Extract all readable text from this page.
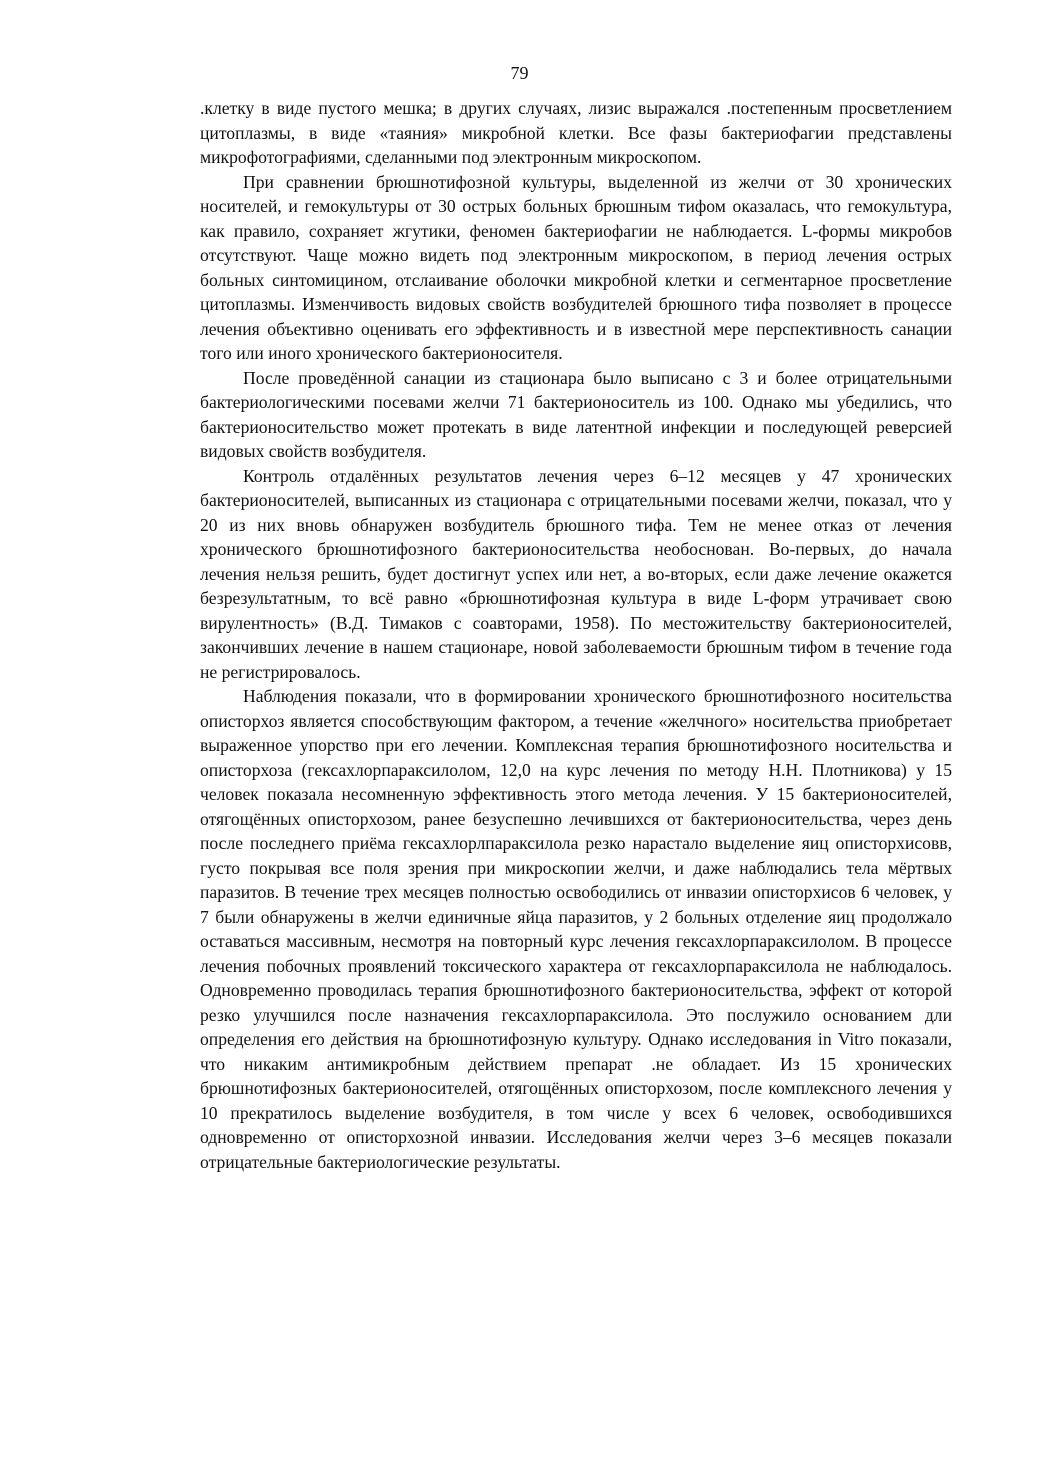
79

.клетку в виде пустого мешка; в других случаях, лизис выражался .постепенным просветлением цитоплазмы, в виде «таяния» микробной клетки. Все фазы бактериофагии представлены микрофотографиями, сделанными под электронным микроскопом.

При сравнении брюшнотифозной культуры, выделенной из желчи от 30 хронических носителей, и гемокультуры от 30 острых больных брюшным тифом оказалась, что гемокультура, как правило, сохраняет жгутики, феномен бактериофагии не наблюдается. L-формы микробов отсутствуют. Чаще можно видеть под электронным микроскопом, в период лечения острых больных синтомицином, отслаивание оболочки микробной клетки и сегментарное просветление цитоплазмы. Изменчивость видовых свойств возбудителей брюшного тифа позволяет в процессе лечения объективно оценивать его эффективность и в известной мере перспективность санации того или иного хронического бактерионосителя.

После проведённой санации из стационара было выписано с 3 и более отрицательными бактериологическими посевами желчи 71 бактерионоситель из 100. Однако мы убедились, что бактерионосительство может протекать в виде латентной инфекции и последующей реверсией видовых свойств возбудителя.

Контроль отдалённых результатов лечения через 6–12 месяцев у 47 хронических бактерионосителей, выписанных из стационара с отрицательными посевами желчи, показал, что у 20 из них вновь обнаружен возбудитель брюшного тифа. Тем не менее отказ от лечения хронического брюшнотифозного бактерионосительства необоснован. Во-первых, до начала лечения нельзя решить, будет достигнут успех или нет, а во-вторых, если даже лечение окажется безрезультатным, то всё равно «брюшнотифозная культура в виде L-форм утрачивает свою вирулентность» (В.Д. Тимаков с соавторами, 1958). По местожительству бактерионосителей, закончивших лечение в нашем стационаре, новой заболеваемости брюшным тифом в течение года не регистрировалось.

Наблюдения показали, что в формировании хронического брюшнотифозного носительства описторхоз является способствующим фактором, а течение «желчного» носительства приобретает выраженное упорство при его лечении. Комплексная терапия брюшнотифозного носительства и описторхоза (гексахлорпараксилолом, 12,0 на курс лечения по методу Н.Н. Плотникова) у 15 человек показала несомненную эффективность этого метода лечения. У 15 бактерионосителей, отягощённых описторхозом, ранее безуспешно лечившихся от бактерионосительства, через день после последнего приёма гексахлорлпараксилола резко нарастало выделение яиц описторхисовв, густо покрывая все поля зрения при микроскопии желчи, и даже наблюдались тела мёртвых паразитов. В течение трех месяцев полностью освободились от инвазии описторхисов 6 человек, у 7 были обнаружены в желчи единичные яйца паразитов, у 2 больных отделение яиц продолжало оставаться массивным, несмотря на повторный курс лечения гексахлорпараксилолом. В процессе лечения побочных проявлений токсического характера от гексахлорпараксилола не наблюдалось. Одновременно проводилась терапия брюшнотифозного бактерионосительства, эффект от которой резко улучшился после назначения гексахлорпараксилола. Это послужило основанием дли определения его действия на брюшнотифозную культуру. Однако исследования in Vitro показали, что никаким антимикробным действием препарат .не обладает. Из 15 хронических брюшнотифозных бактерионосителей, отягощённых описторхозом, после комплексного лечения у 10 прекратилось выделение возбудителя, в том числе у всех 6 человек, освободившихся одновременно от описторхозной инвазии. Исследования желчи через 3–6 месяцев показали отрицательные бактериологические результаты.
